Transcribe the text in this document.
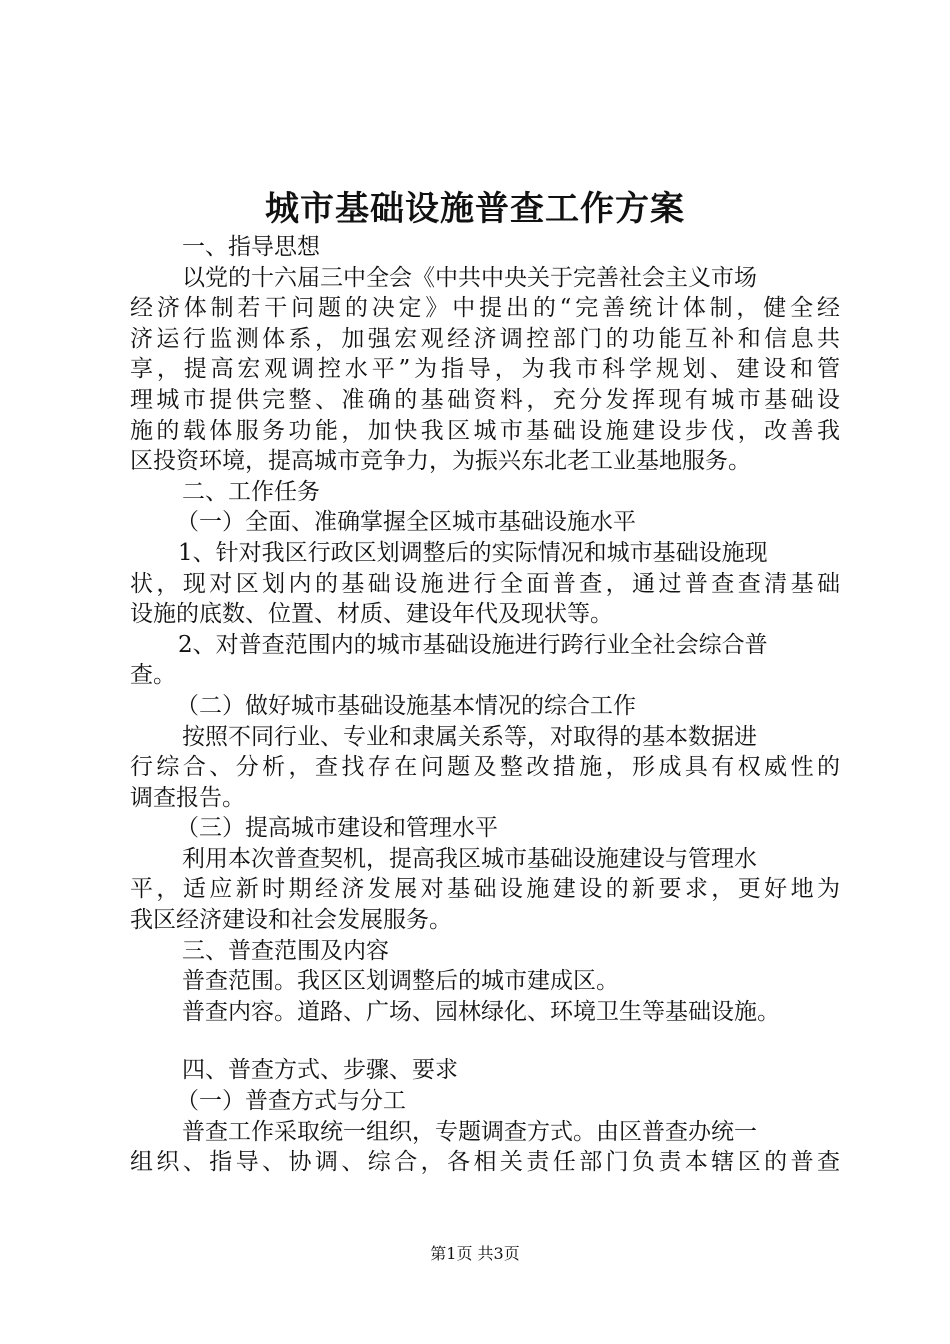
城市基础设施普查工作方案
一、指导思想
以党的十六届三中全会《中共中央关于完善社会主义市场
经济体制若干问题的决定》中提出的“完善统计体制，健全经
济运行监测体系，加强宏观经济调控部门的功能互补和信息共
享，提高宏观调控水平”为指导，为我市科学规划、建设和管
理城市提供完整、准确的基础资料，充分发挥现有城市基础设
施的载体服务功能，加快我区城市基础设施建设步伐，改善我
区投资环境，提高城市竞争力，为振兴东北老工业基地服务。
二、工作任务
（一）全面、准确掌握全区城市基础设施水平
1、针对我区行政区划调整后的实际情况和城市基础设施现
状，现对区划内的基础设施进行全面普查，通过普查查清基础
设施的底数、位置、材质、建设年代及现状等。
2、对普查范围内的城市基础设施进行跨行业全社会综合普
查。
（二）做好城市基础设施基本情况的综合工作
按照不同行业、专业和隶属关系等，对取得的基本数据进
行综合、分析，查找存在问题及整改措施，形成具有权威性的
调查报告。
（三）提高城市建设和管理水平
利用本次普查契机，提高我区城市基础设施建设与管理水
平，适应新时期经济发展对基础设施建设的新要求，更好地为
我区经济建设和社会发展服务。
三、普查范围及内容
普查范围。我区区划调整后的城市建成区。
普查内容。道路、广场、园林绿化、环境卫生等基础设施。
四、普查方式、步骤、要求
（一）普查方式与分工
普查工作采取统一组织，专题调查方式。由区普查办统一
组织、指导、协调、综合，各相关责任部门负责本辖区的普查
第1页 共3页
